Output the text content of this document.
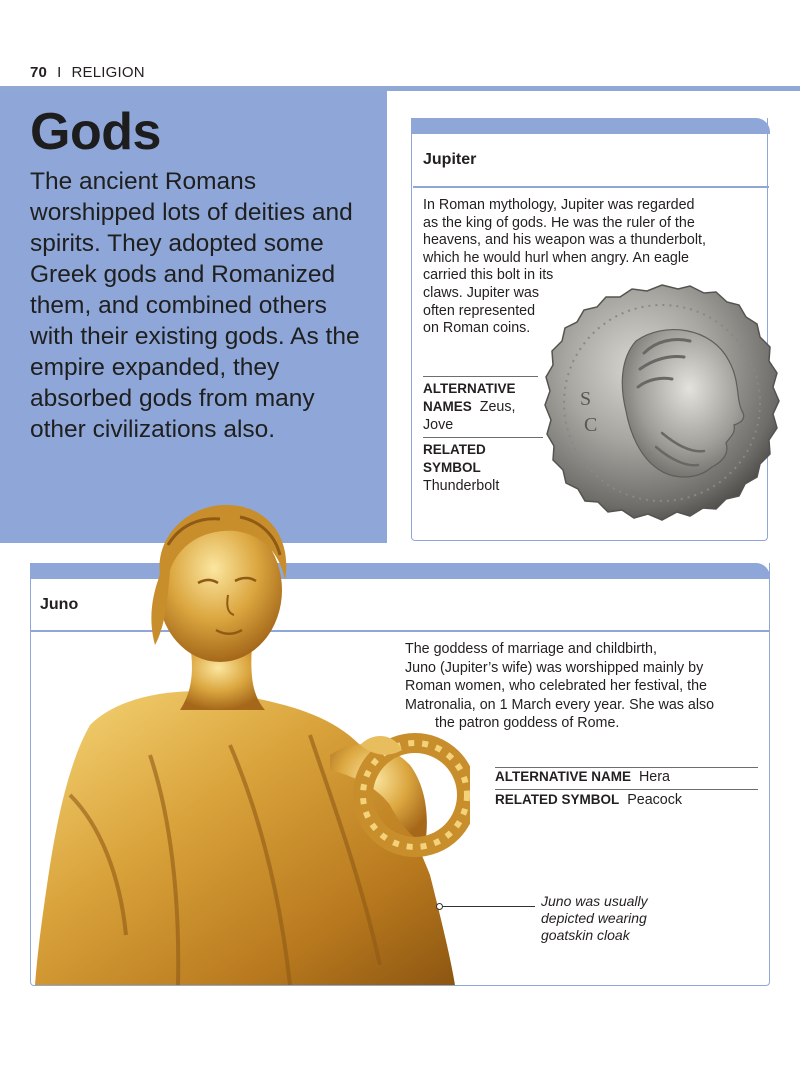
70 I RELIGION
Gods
The ancient Romans worshipped lots of deities and spirits. They adopted some Greek gods and Romanized them, and combined others with their existing gods. As the empire expanded, they absorbed gods from many other civilizations also.
Jupiter
In Roman mythology, Jupiter was regarded
as the king of gods. He was the ruler of the
heavens, and his weapon was a thunderbolt,
which he would hurl when angry. An eagle
carried this bolt in its
claws. Jupiter was
often represented
on Roman coins.
ALTERNATIVE
NAMES Zeus,
Jove
RELATED
SYMBOL
Thunderbolt
S
C
Juno
The goddess of marriage and childbirth,
Juno (Jupiter’s wife) was worshipped mainly by
Roman women, who celebrated her festival, the
Matronalia, on 1 March every year. She was also
the patron goddess of Rome.
ALTERNATIVE NAME Hera
RELATED SYMBOL Peacock
Juno was usually
depicted wearing
goatskin cloak
